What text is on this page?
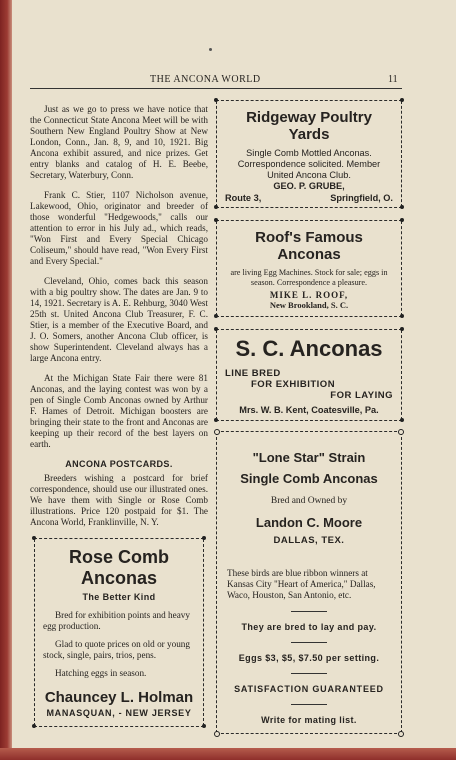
THE ANCONA WORLD	11

Just as we go to press we have notice that the Connecticut State Ancona Meet will be with Southern New England Poultry Show at New London, Conn., Jan. 8, 9, and 10, 1921. Big Ancona exhibit assured, and nice prizes. Get entry blanks and catalog of H. E. Beebe, Secretary, Waterbury, Conn.

Frank C. Stier, 1107 Nicholson avenue, Lakewood, Ohio, originator and breeder of those wonderful "Hedgewoods," calls our attention to error in his July ad., which reads, "Won First and Every Special Chicago Coliseum," should have read, "Won Every First and Every Special."

Cleveland, Ohio, comes back this season with a big poultry show. The dates are Jan. 9 to 14, 1921. Secretary is A. E. Rehburg, 3040 West 25th st. United Ancona Club Treasurer, F. C. Stier, is a member of the Executive Board, and J. O. Somers, another Ancona Club officer, is show Superintendent. Cleveland always has a large Ancona entry.

At the Michigan State Fair there were 81 Anconas, and the laying contest was won by a pen of Single Comb Anconas owned by Arthur F. Hames of Detroit. Michigan boosters are bringing their state to the front and Anconas are keeping up their record of the best layers on earth.

ANCONA POSTCARDS.

Breeders wishing a postcard for brief correspondence, should use our illustrated ones. We have them with Single or Rose Comb illustrations. Price 120 postpaid for $1. The Ancona World, Franklinville, N. Y.

Rose Comb Anconas
The Better Kind

Bred for exhibition points and heavy egg production.

Glad to quote prices on old or young stock, single, pairs, trios, pens.

Hatching eggs in season.

Chauncey L. Holman
MANASQUAN, - NEW JERSEY
Ridgeway Poultry Yards
Single Comb Mottled Anconas. Correspondence solicited. Member United Ancona Club.
GEO. P. GRUBE,
Route 3,	Springfield, O.
Roof's Famous Anconas
are living Egg Machines. Stock for sale; eggs in season. Correspondence a pleasure.
MIKE L. ROOF,
New Brookland, S. C.
S. C. Anconas
LINE BRED
FOR EXHIBITION
FOR LAYING
Mrs. W. B. Kent, Coatesville, Pa.
"Lone Star" Strain
Single Comb Anconas
Bred and Owned by
Landon C. Moore
DALLAS, TEX.
These birds are blue ribbon winners at Kansas City "Heart of America," Dallas, Waco, Houston, San Antonio, etc.
They are bred to lay and pay.
Eggs $3, $5, $7.50 per setting.
SATISFACTION GUARANTEED
Write for mating list.
